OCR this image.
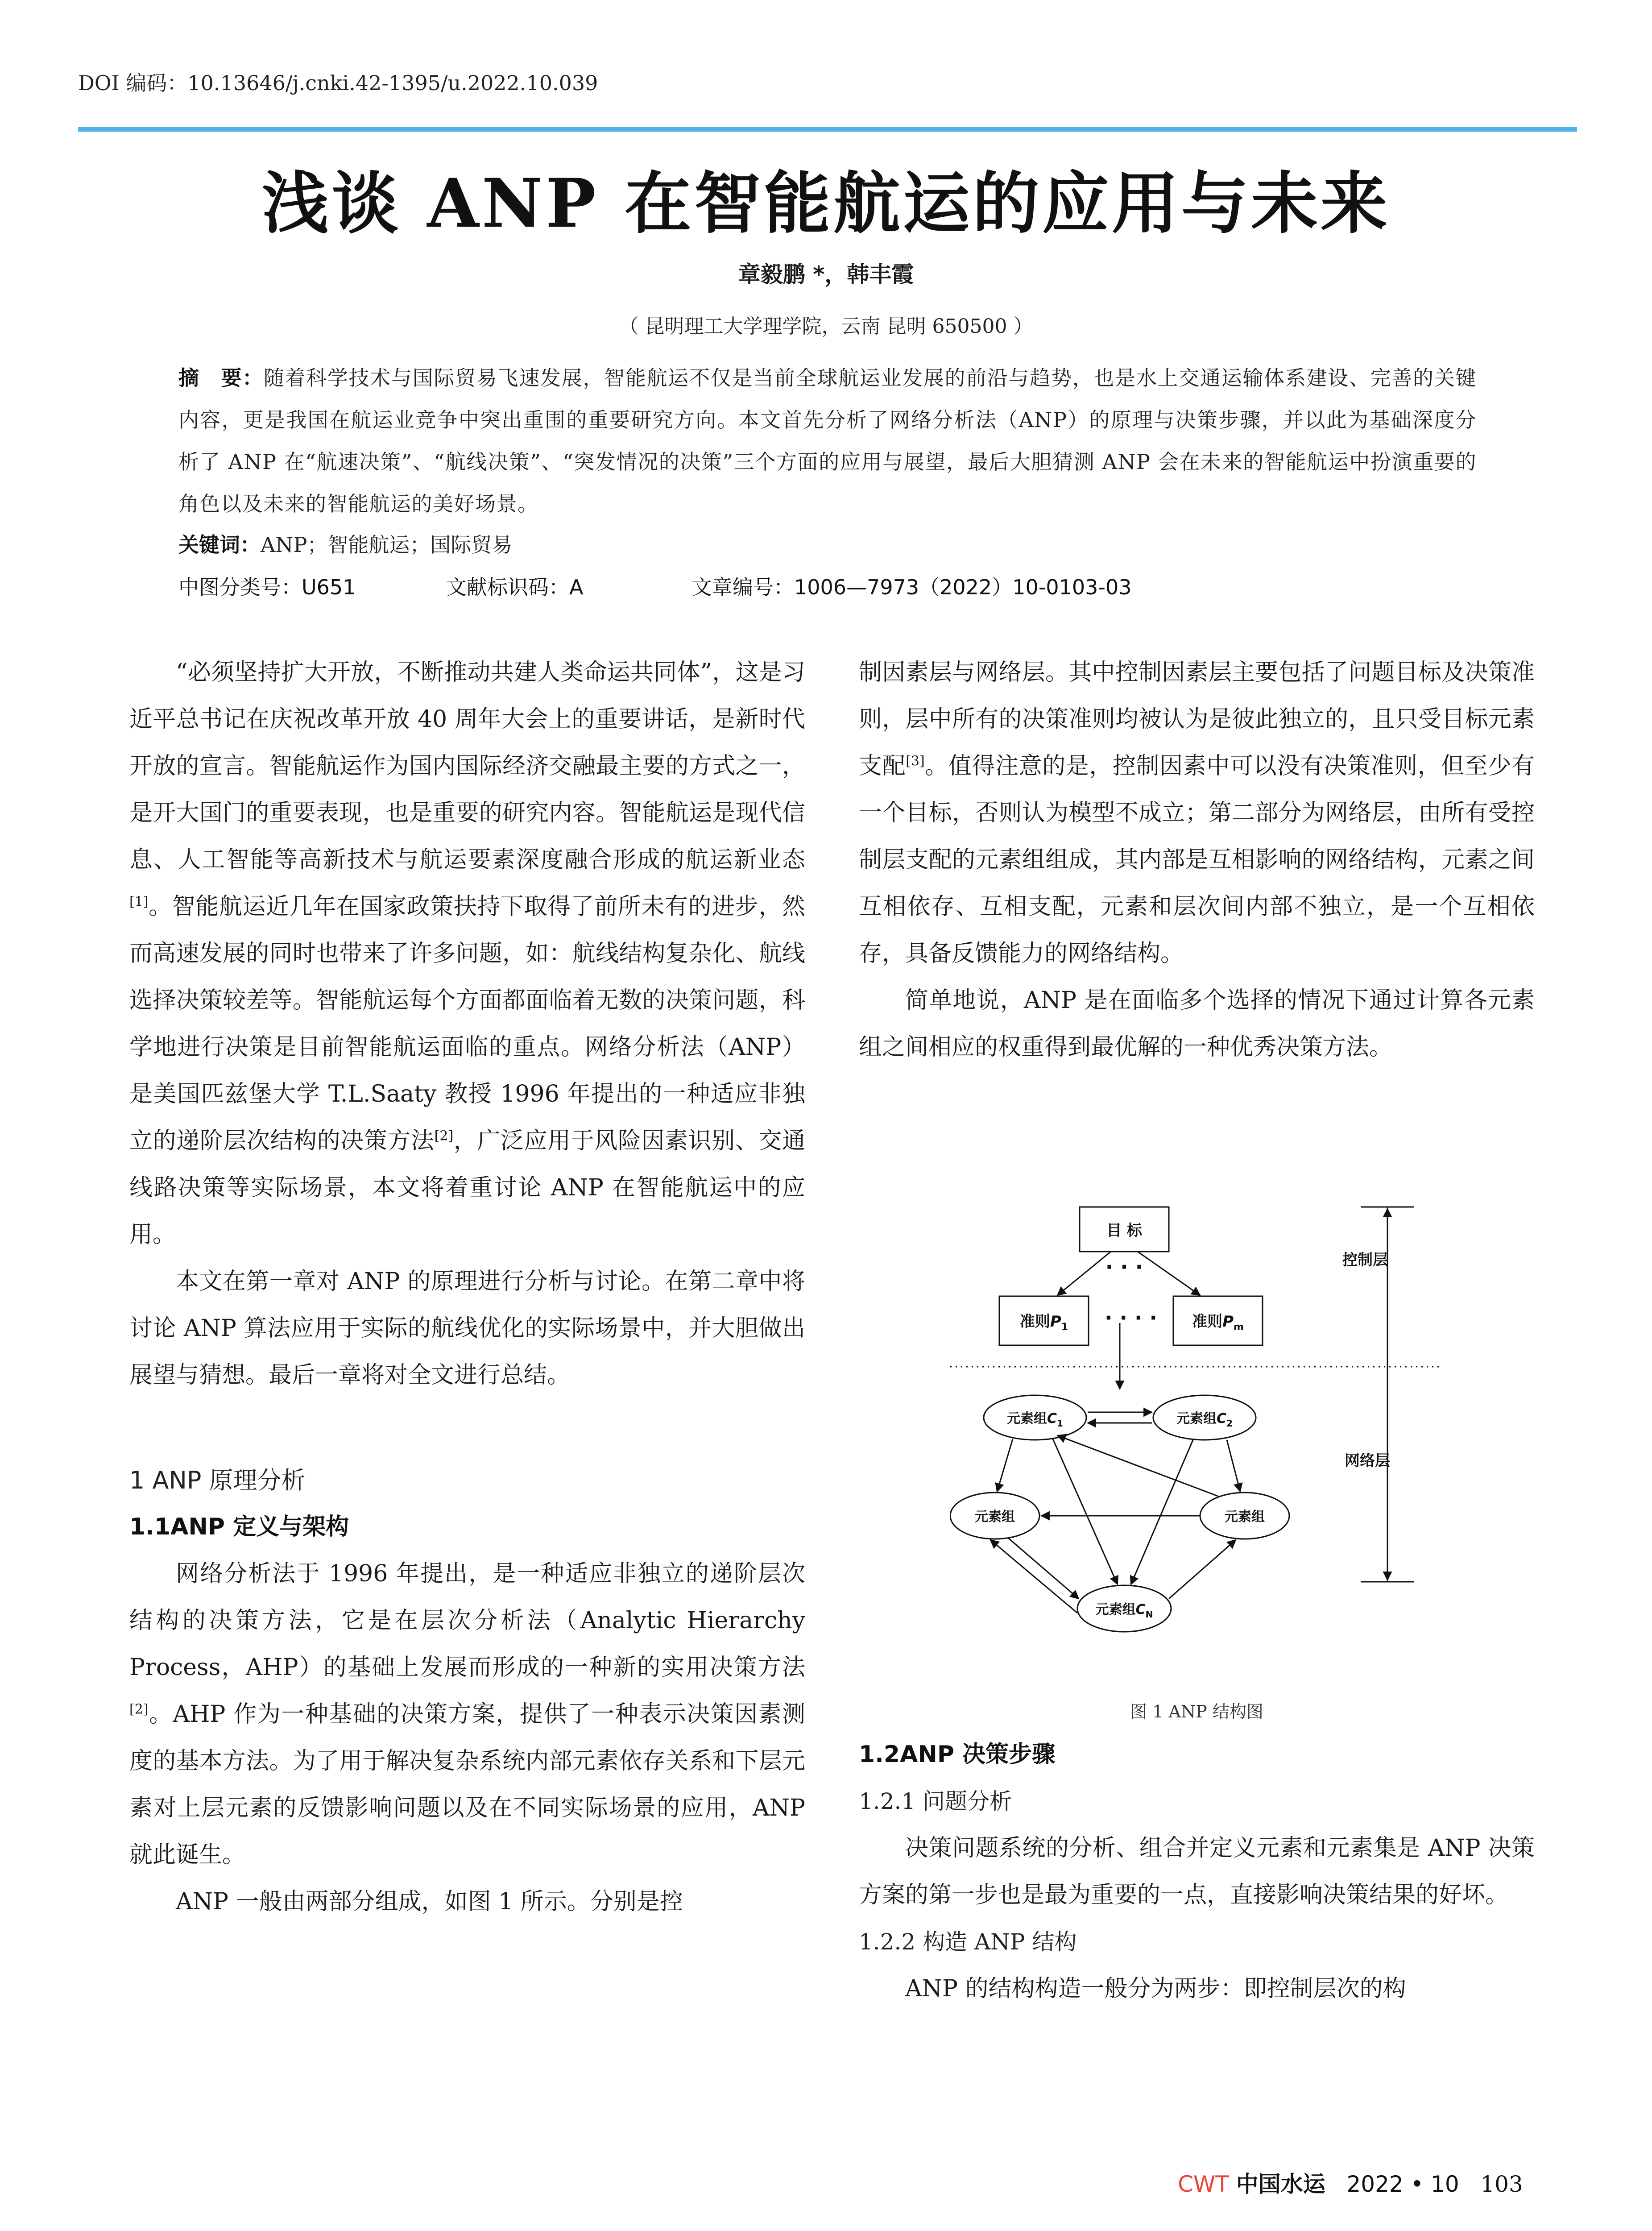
DOI 编码：10.13646/j.cnki.42-1395/u.2022.10.039
浅谈 ANP 在智能航运的应用与未来
章毅鹏 *，韩丰霞
（ 昆明理工大学理学院，云南 昆明 650500 ）
摘　要：随着科学技术与国际贸易飞速发展，智能航运不仅是当前全球航运业发展的前沿与趋势，也是水上交通运输体系建设、完善的关键内容，更是我国在航运业竞争中突出重围的重要研究方向。本文首先分析了网络分析法（ANP）的原理与决策步骤，并以此为基础深度分析了 ANP 在“航速决策”、“航线决策”、“突发情况的决策”三个方面的应用与展望，最后大胆猜测 ANP 会在未来的智能航运中扮演重要的角色以及未来的智能航运的美好场景。
关键词：ANP；智能航运；国际贸易
中图分类号：U651	文献标识码：A	文章编号：1006—7973（2022）10-0103-03

“必须坚持扩大开放，不断推动共建人类命运共同体”，这是习近平总书记在庆祝改革开放 40 周年大会上的重要讲话，是新时代开放的宣言。智能航运作为国内国际经济交融最主要的方式之一，是开大国门的重要表现，也是重要的研究内容。智能航运是现代信息、人工智能等高新技术与航运要素深度融合形成的航运新业态[1]。智能航运近几年在国家政策扶持下取得了前所未有的进步，然而高速发展的同时也带来了许多问题，如：航线结构复杂化、航线选择决策较差等。智能航运每个方面都面临着无数的决策问题，科学地进行决策是目前智能航运面临的重点。网络分析法（ANP）是美国匹兹堡大学 T.L.Saaty 教授 1996 年提出的一种适应非独立的递阶层次结构的决策方法[2]，广泛应用于风险因素识别、交通线路决策等实际场景，本文将着重讨论 ANP 在智能航运中的应用。

本文在第一章对 ANP 的原理进行分析与讨论。在第二章中将讨论 ANP 算法应用于实际的航线优化的实际场景中，并大胆做出展望与猜想。最后一章将对全文进行总结。

1 ANP 原理分析
1.1ANP 定义与架构

网络分析法于 1996 年提出，是一种适应非独立的递阶层次结构的决策方法，它是在层次分析法（Analytic Hierarchy Process，AHP）的基础上发展而形成的一种新的实用决策方法[2]。AHP 作为一种基础的决策方案，提供了一种表示决策因素测度的基本方法。为了用于解决复杂系统内部元素依存关系和下层元素对上层元素的反馈影响问题以及在不同实际场景的应用，ANP 就此诞生。

ANP 一般由两部分组成，如图 1 所示。分别是控

制因素层与网络层。其中控制因素层主要包括了问题目标及决策准则，层中所有的决策准则均被认为是彼此独立的，且只受目标元素支配[3]。值得注意的是，控制因素中可以没有决策准则，但至少有一个目标，否则认为模型不成立；第二部分为网络层，由所有受控制层支配的元素组组成，其内部是互相影响的网络结构，元素之间互相依存、互相支配，元素和层次间内部不独立，是一个互相依存，具备反馈能力的网络结构。

简单地说，ANP 是在面临多个选择的情况下通过计算各元素组之间相应的权重得到最优解的一种优秀决策方法。

目 标
· · ·
· · · ·
准则$P_1$	准则$P_m$
控制层
网络层
元素组$C_1$	元素组$C_2$
元素组	元素组
元素组$C_N$
图 1 ANP 结构图
1.2ANP 决策步骤
1.2.1 问题分析

决策问题系统的分析、组合并定义元素和元素集是 ANP 决策方案的第一步也是最为重要的一点，直接影响决策结果的好坏。

1.2.2 构造 ANP 结构

ANP 的结构构造一般分为两步：即控制层次的构

CWT 中国水运 2022 • 10 103
